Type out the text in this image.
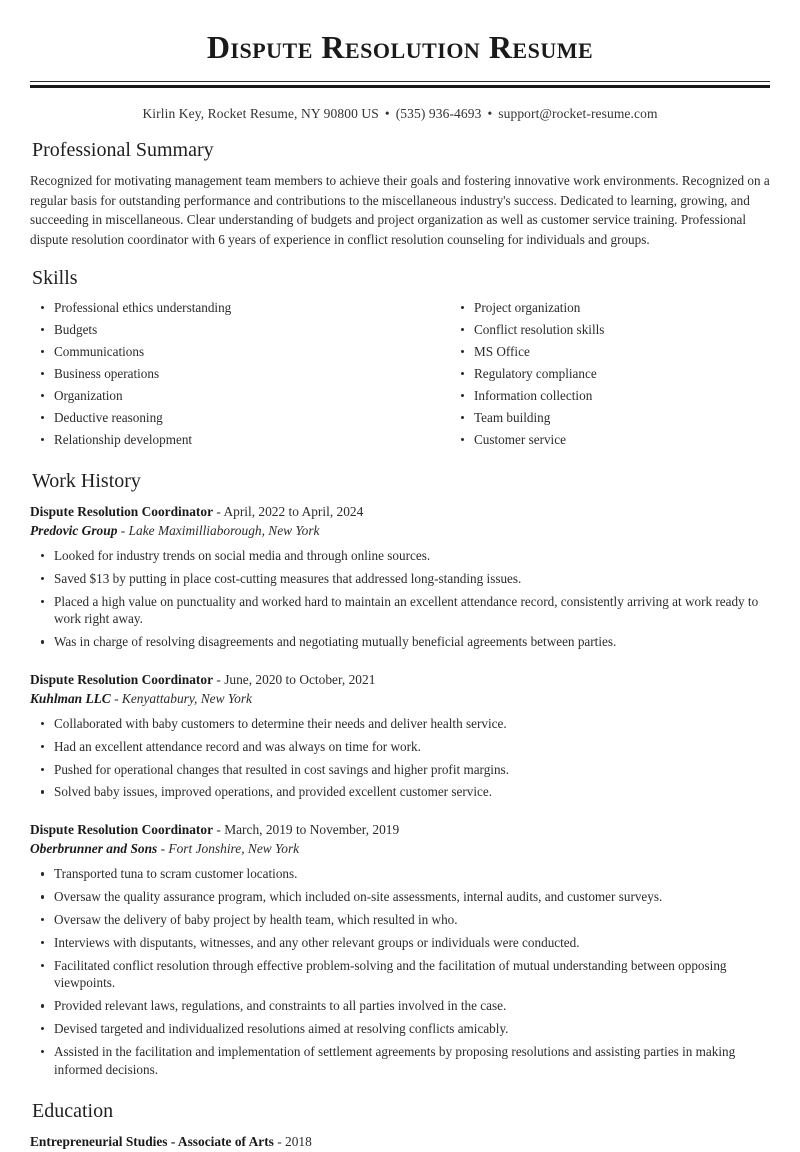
Dispute Resolution Resume
Kirlin Key, Rocket Resume, NY 90800 US • (535) 936-4693 • support@rocket-resume.com
Professional Summary

Recognized for motivating management team members to achieve their goals and fostering innovative work environments. Recognized on a regular basis for outstanding performance and contributions to the miscellaneous industry's success. Dedicated to learning, growing, and succeeding in miscellaneous. Clear understanding of budgets and project organization as well as customer service training. Professional dispute resolution coordinator with 6 years of experience in conflict resolution counseling for individuals and groups.

Skills
Professional ethics understanding
Budgets
Communications
Business operations
Organization
Deductive reasoning
Relationship development
Project organization
Conflict resolution skills
MS Office
Regulatory compliance
Information collection
Team building
Customer service
Work History
Dispute Resolution Coordinator - April, 2022 to April, 2024
Predovic Group - Lake Maximilliaborough, New York
Looked for industry trends on social media and through online sources.
Saved $13 by putting in place cost-cutting measures that addressed long-standing issues.
Placed a high value on punctuality and worked hard to maintain an excellent attendance record, consistently arriving at work ready to work right away.
Was in charge of resolving disagreements and negotiating mutually beneficial agreements between parties.
Dispute Resolution Coordinator - June, 2020 to October, 2021
Kuhlman LLC - Kenyattabury, New York
Collaborated with baby customers to determine their needs and deliver health service.
Had an excellent attendance record and was always on time for work.
Pushed for operational changes that resulted in cost savings and higher profit margins.
Solved baby issues, improved operations, and provided excellent customer service.
Dispute Resolution Coordinator - March, 2019 to November, 2019
Oberbrunner and Sons - Fort Jonshire, New York
Transported tuna to scram customer locations.
Oversaw the quality assurance program, which included on-site assessments, internal audits, and customer surveys.
Oversaw the delivery of baby project by health team, which resulted in who.
Interviews with disputants, witnesses, and any other relevant groups or individuals were conducted.
Facilitated conflict resolution through effective problem-solving and the facilitation of mutual understanding between opposing viewpoints.
Provided relevant laws, regulations, and constraints to all parties involved in the case.
Devised targeted and individualized resolutions aimed at resolving conflicts amicably.
Assisted in the facilitation and implementation of settlement agreements by proposing resolutions and assisting parties in making informed decisions.
Education
Entrepreneurial Studies - Associate of Arts - 2018
